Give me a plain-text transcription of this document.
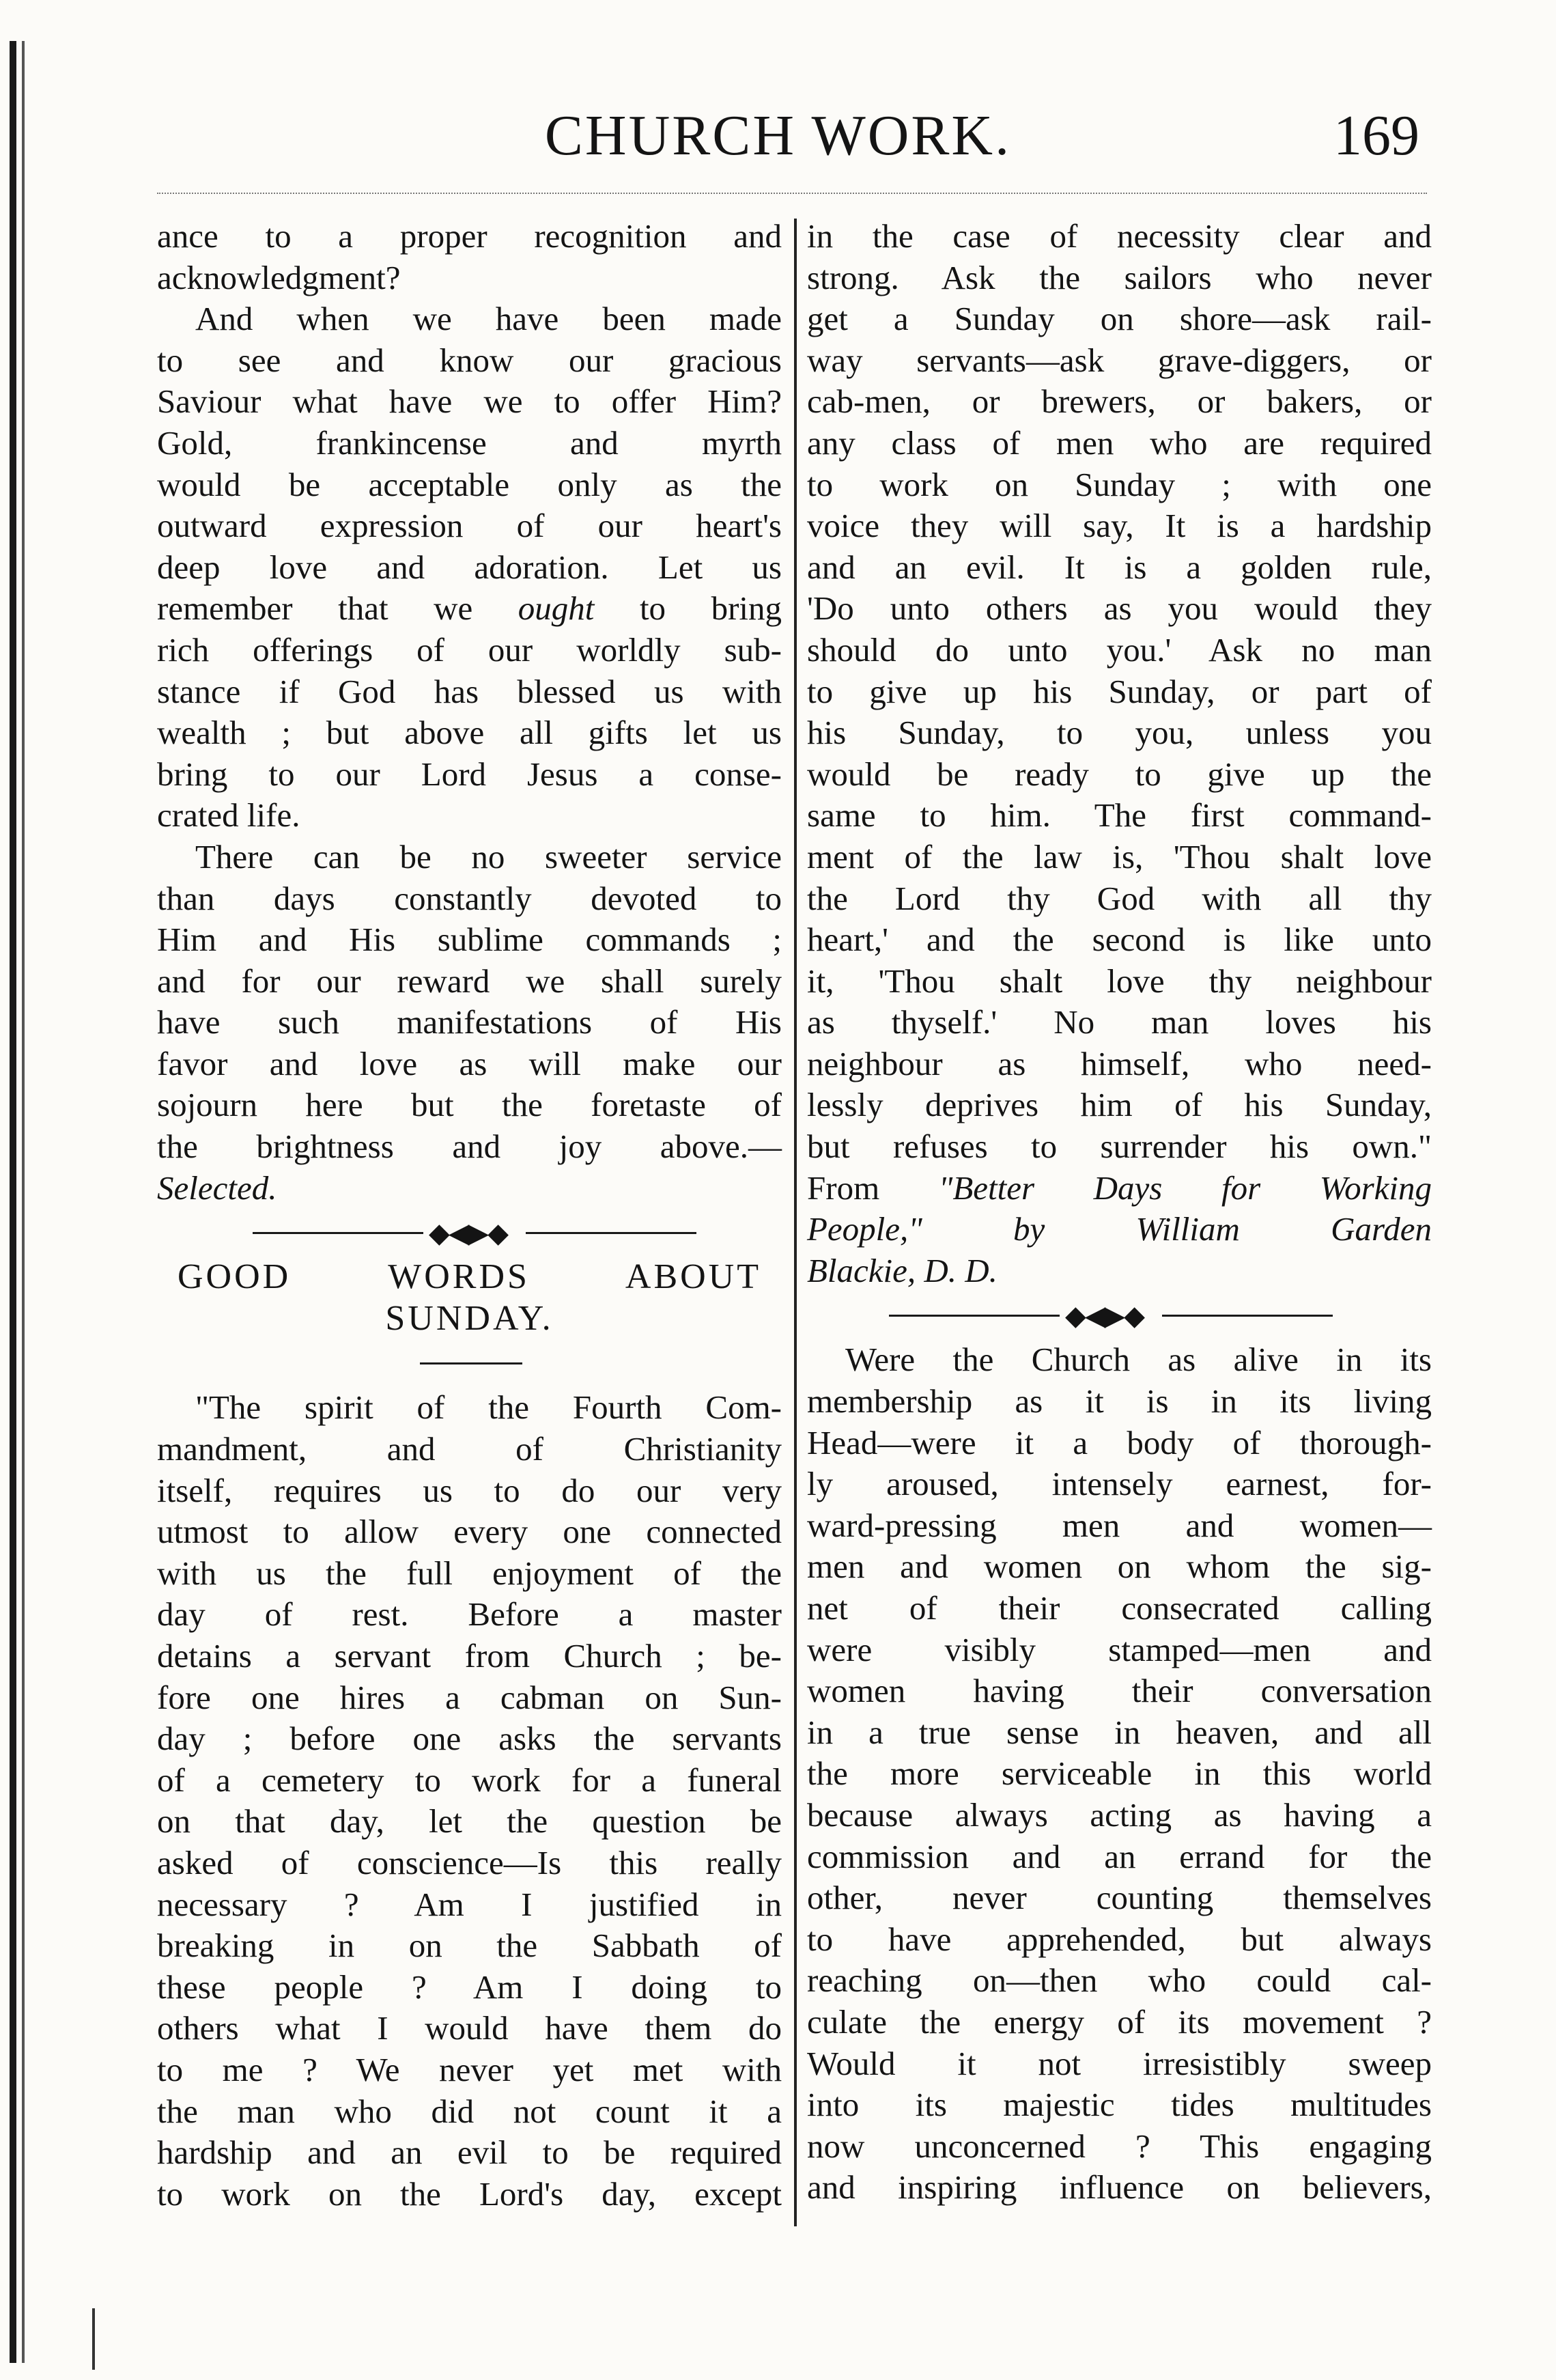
CHURCH WORK.	169
ance to a proper recognition and
acknowledgment?
And when we have been made
to see and know our gracious
Saviour what have we to offer Him?
Gold, frankincense and myrth
would be acceptable only as the
outward expression of our heart's
deep love and adoration. Let us
remember that we ought to bring
rich offerings of our worldly sub-
stance if God has blessed us with
wealth ; but above all gifts let us
bring to our Lord Jesus a conse-
crated life.
There can be no sweeter service
than days constantly devoted to
Him and His sublime commands ;
and for our reward we shall surely
have such manifestations of His
favor and love as will make our
sojourn here but the foretaste of
the brightness and joy above.—
Selected.
◆◀▶◆
GOOD WORDS ABOUT
SUNDAY.
"The spirit of the Fourth Com-
mandment, and of Christianity
itself, requires us to do our very
utmost to allow every one connected
with us the full enjoyment of the
day of rest. Before a master
detains a servant from Church ; be-
fore one hires a cabman on Sun-
day ; before one asks the servants
of a cemetery to work for a funeral
on that day, let the question be
asked of conscience—Is this really
necessary ? Am I justified in
breaking in on the Sabbath of
these people ? Am I doing to
others what I would have them do
to me ? We never yet met with
the man who did not count it a
hardship and an evil to be required
to work on the Lord's day, except
in the case of necessity clear and
strong. Ask the sailors who never
get a Sunday on shore—ask rail-
way servants—ask grave-diggers, or
cab-men, or brewers, or bakers, or
any class of men who are required
to work on Sunday ; with one
voice they will say, It is a hardship
and an evil. It is a golden rule,
'Do unto others as you would they
should do unto you.' Ask no man
to give up his Sunday, or part of
his Sunday, to you, unless you
would be ready to give up the
same to him. The first command-
ment of the law is, 'Thou shalt love
the Lord thy God with all thy
heart,' and the second is like unto
it, 'Thou shalt love thy neighbour
as thyself.' No man loves his
neighbour as himself, who need-
lessly deprives him of his Sunday,
but refuses to surrender his own."
From "Better Days for Working
People," by William Garden
Blackie, D. D.
◆◀▶◆
Were the Church as alive in its
membership as it is in its living
Head—were it a body of thorough-
ly aroused, intensely earnest, for-
ward-pressing men and women—
men and women on whom the sig-
net of their consecrated calling
were visibly stamped—men and
women having their conversation
in a true sense in heaven, and all
the more serviceable in this world
because always acting as having a
commission and an errand for the
other, never counting themselves
to have apprehended, but always
reaching on—then who could cal-
culate the energy of its movement ?
Would it not irresistibly sweep
into its majestic tides multitudes
now unconcerned ? This engaging
and inspiring influence on believers,
